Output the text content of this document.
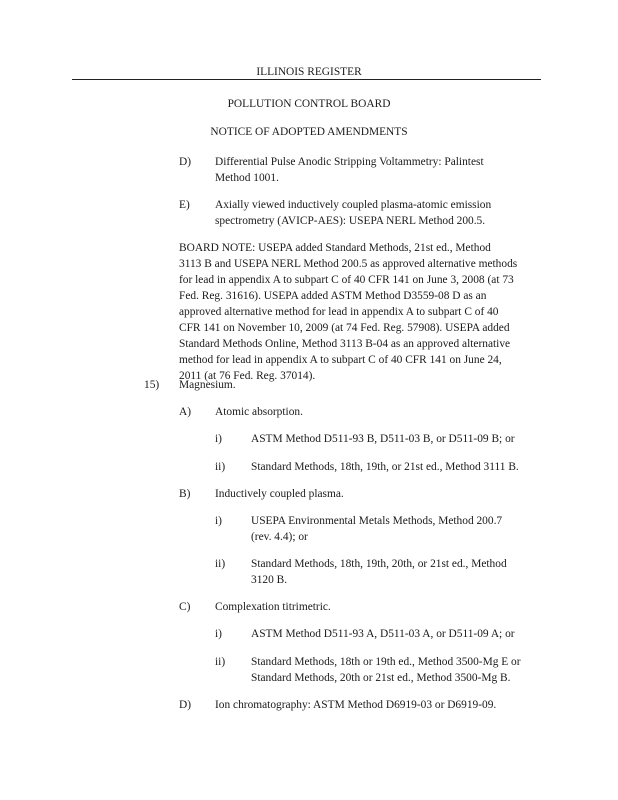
ILLINOIS REGISTER
POLLUTION CONTROL BOARD
NOTICE OF ADOPTED AMENDMENTS
D) Differential Pulse Anodic Stripping Voltammetry: Palintest
Method 1001.
E) Axially viewed inductively coupled plasma-atomic emission
spectrometry (AVICP-AES): USEPA NERL Method 200.5.
BOARD NOTE: USEPA added Standard Methods, 21st ed., Method
3113 B and USEPA NERL Method 200.5 as approved alternative methods
for lead in appendix A to subpart C of 40 CFR 141 on June 3, 2008 (at 73
Fed. Reg. 31616). USEPA added ASTM Method D3559-08 D as an
approved alternative method for lead in appendix A to subpart C of 40
CFR 141 on November 10, 2009 (at 74 Fed. Reg. 57908). USEPA added
Standard Methods Online, Method 3113 B-04 as an approved alternative
method for lead in appendix A to subpart C of 40 CFR 141 on June 24,
2011 (at 76 Fed. Reg. 37014).
15) Magnesium.
A) Atomic absorption.
i)	ASTM Method D511-93 B, D511-03 B, or D511-09 B; or
ii) Standard Methods, 18th, 19th, or 21st ed., Method 3111 B.
B) Inductively coupled plasma.
i)	USEPA Environmental Metals Methods, Method 200.7
(rev. 4.4); or
ii) Standard Methods, 18th, 19th, 20th, or 21st ed., Method
3120 B.
C) Complexation titrimetric.
i)	ASTM Method D511-93 A, D511-03 A, or D511-09 A; or
ii) Standard Methods, 18th or 19th ed., Method 3500-Mg E or
Standard Methods, 20th or 21st ed., Method 3500-Mg B.
D) Ion chromatography: ASTM Method D6919-03 or D6919-09.
